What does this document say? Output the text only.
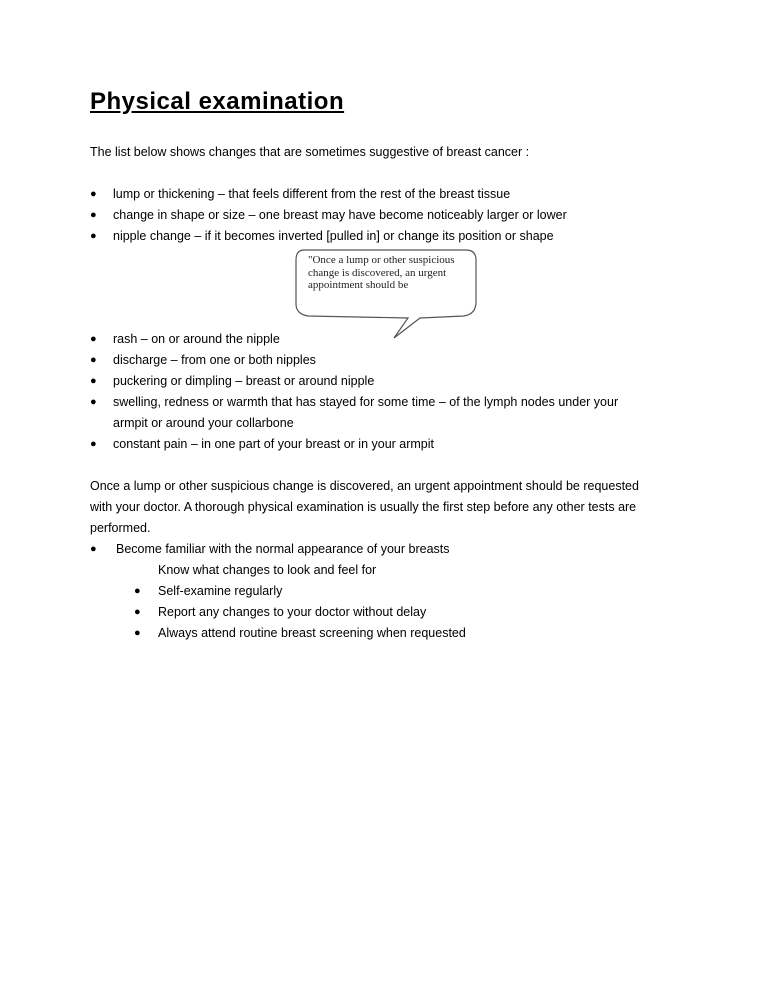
Physical examination
The list below shows changes that are sometimes suggestive of breast cancer :
● lump or thickening – that feels different from the rest of the breast tissue
● change in shape or size – one breast may have become noticeably larger or lower
● nipple change – if it becomes inverted [pulled in] or change its position or shape
"Once a lump or other suspicious change is discovered, an urgent appointment should be
● rash – on or around the nipple
● discharge – from one or both nipples
● puckering or dimpling – breast or around nipple
● swelling, redness or warmth that has stayed for some time – of the lymph nodes under your
armpit or around your collarbone
● constant pain – in one part of your breast or in your armpit
Once a lump or other suspicious change is discovered, an urgent appointment should be requested
with your doctor. A thorough physical examination is usually the first step before any other tests are
performed.
● Become familiar with the normal appearance of your breasts
Know what changes to look and feel for
● Self-examine regularly
● Report any changes to your doctor without delay
● Always attend routine breast screening when requested
